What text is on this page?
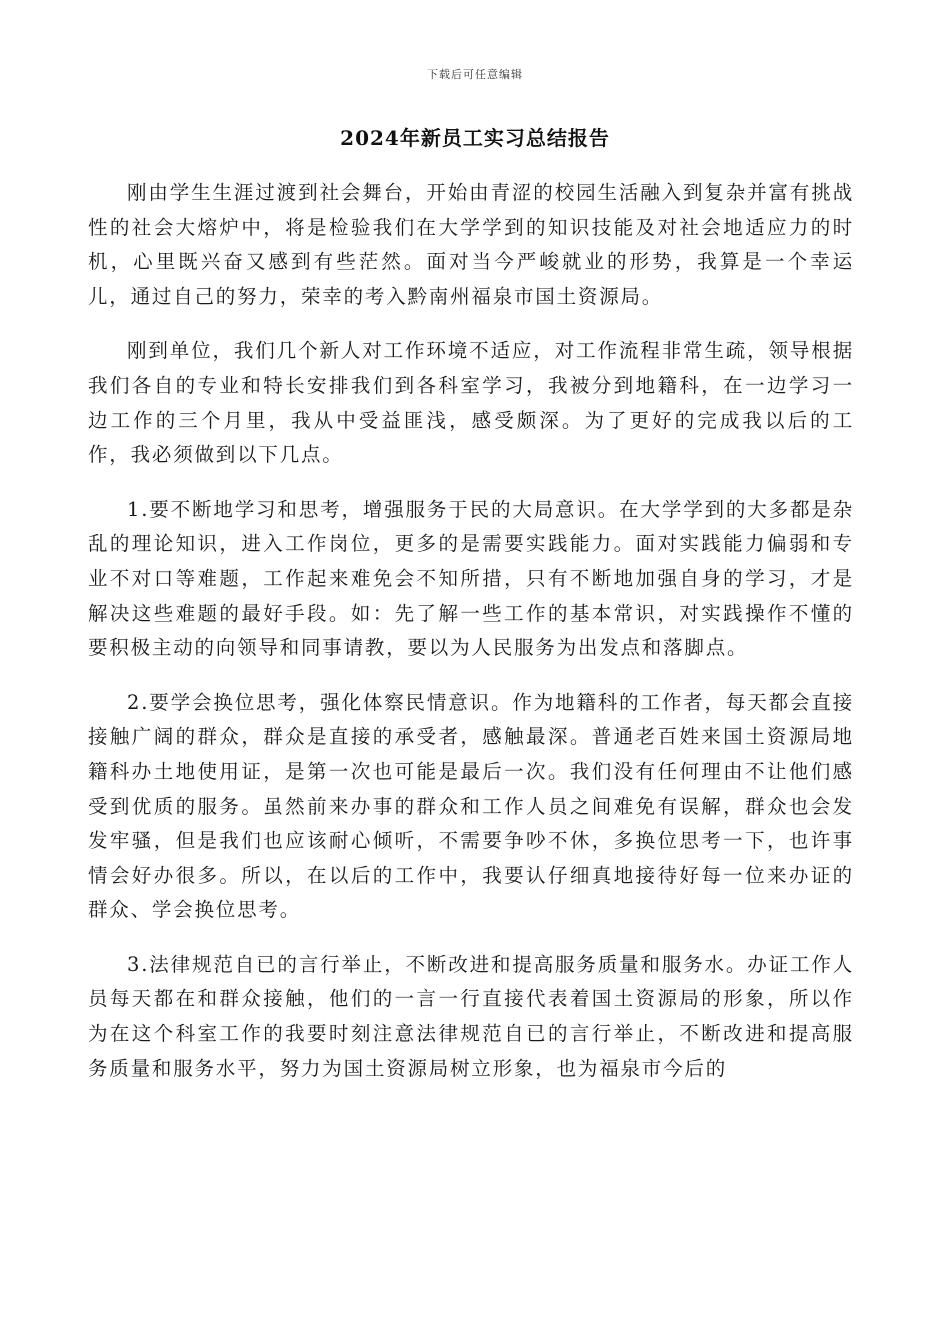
下载后可任意编辑
2024年新员工实习总结报告

刚由学生生涯过渡到社会舞台，开始由青涩的校园生活融入到复杂并富有挑战性的社会大熔炉中，将是检验我们在大学学到的知识技能及对社会地适应力的时机，心里既兴奋又感到有些茫然。面对当今严峻就业的形势，我算是一个幸运儿，通过自己的努力，荣幸的考入黔南州福泉市国土资源局。

刚到单位，我们几个新人对工作环境不适应，对工作流程非常生疏，领导根据我们各自的专业和特长安排我们到各科室学习，我被分到地籍科，在一边学习一边工作的三个月里，我从中受益匪浅，感受颇深。为了更好的完成我以后的工作，我必须做到以下几点。

1.要不断地学习和思考，增强服务于民的大局意识。在大学学到的大多都是杂乱的理论知识，进入工作岗位，更多的是需要实践能力。面对实践能力偏弱和专业不对口等难题，工作起来难免会不知所措，只有不断地加强自身的学习，才是解决这些难题的最好手段。如：先了解一些工作的基本常识，对实践操作不懂的要积极主动的向领导和同事请教，要以为人民服务为出发点和落脚点。

2.要学会换位思考，强化体察民情意识。作为地籍科的工作者，每天都会直接接触广阔的群众，群众是直接的承受者，感触最深。普通老百姓来国土资源局地籍科办土地使用证，是第一次也可能是最后一次。我们没有任何理由不让他们感受到优质的服务。虽然前来办事的群众和工作人员之间难免有误解，群众也会发发牢骚，但是我们也应该耐心倾听，不需要争吵不休，多换位思考一下，也许事情会好办很多。所以，在以后的工作中，我要认仔细真地接待好每一位来办证的群众、学会换位思考。

3.法律规范自已的言行举止，不断改进和提高服务质量和服务水。办证工作人员每天都在和群众接触，他们的一言一行直接代表着国土资源局的形象，所以作为在这个科室工作的我要时刻注意法律规范自已的言行举止，不断改进和提高服务质量和服务水平，努力为国土资源局树立形象，也为福泉市今后的
